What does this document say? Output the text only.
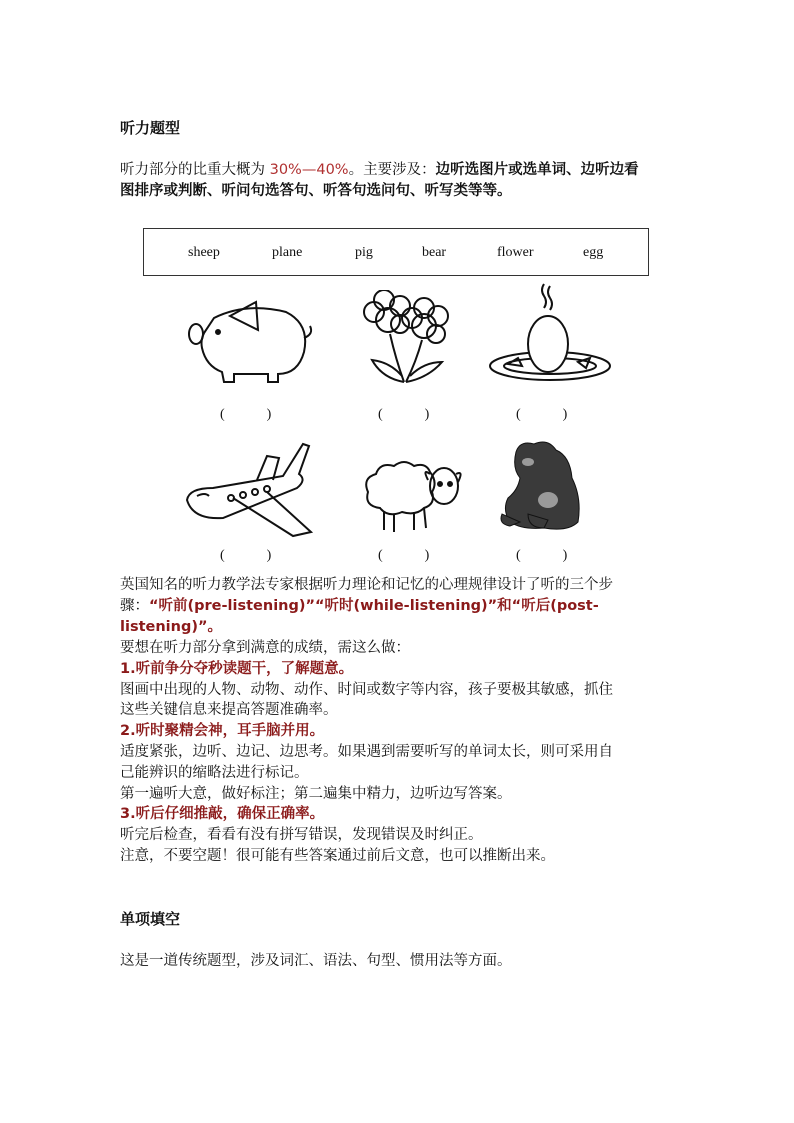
听力题型
听力部分的比重大概为 30%—40%。主要涉及：边听选图片或选单词、边听边看
图排序或判断、听问句选答句、听答句选问句、听写类等等。
sheep	plane	pig	bear	flower	egg
(　　　)	(　　　)	(　　　)
(　　　)	(　　　)	(　　　)
英国知名的听力教学法专家根据听力理论和记忆的心理规律设计了听的三个步
骤：“听前(pre-listening)”“听时(while-listening)”和“听后(post-
listening)”。
要想在听力部分拿到满意的成绩，需这么做：
1.听前争分夺秒读题干，了解题意。
图画中出现的人物、动物、动作、时间或数字等内容，孩子要极其敏感，抓住
这些关键信息来提高答题准确率。
2.听时聚精会神，耳手脑并用。
适度紧张，边听、边记、边思考。如果遇到需要听写的单词太长，则可采用自
己能辨识的缩略法进行标记。
第一遍听大意，做好标注；第二遍集中精力，边听边写答案。
3.听后仔细推敲，确保正确率。
听完后检查，看看有没有拼写错误，发现错误及时纠正。
注意，不要空题！很可能有些答案通过前后文意，也可以推断出来。
单项填空
这是一道传统题型，涉及词汇、语法、句型、惯用法等方面。
